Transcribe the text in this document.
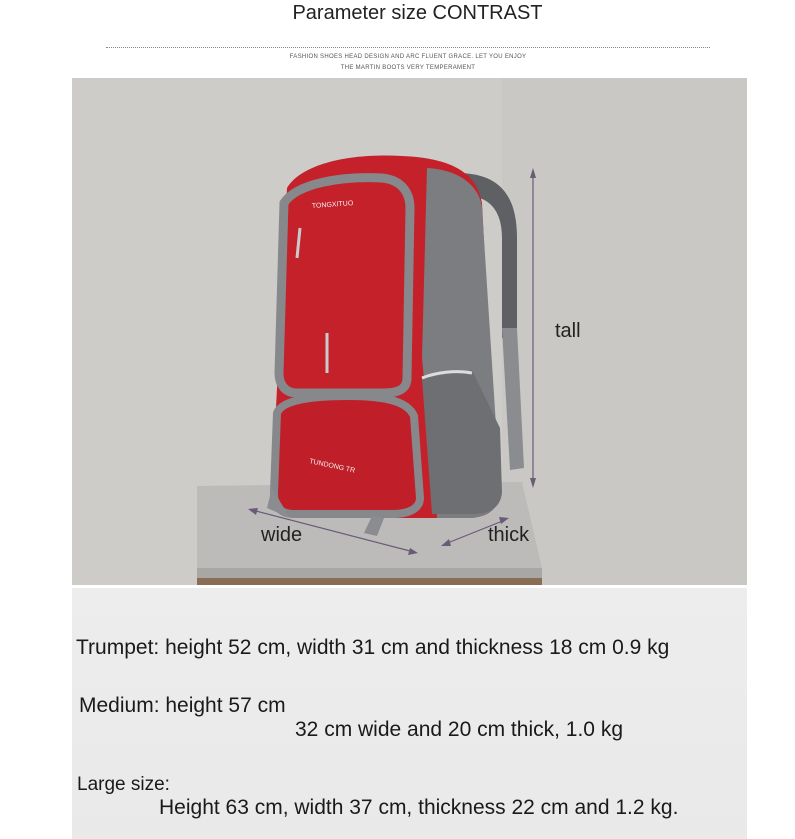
Parameter size CONTRAST
FASHION SHOES HEAD DESIGN AND ARC FLUENT GRACE. LET YOU ENJOY
THE MARTIN BOOTS VERY TEMPERAMENT
TONGXITUO
TUNDONG TR
tall
wide	thick
Trumpet: height 52 cm, width 31 cm and thickness 18 cm 0.9 kg
Medium: height 57 cm
32 cm wide and 20 cm thick, 1.0 kg
Large size:
Height 63 cm, width 37 cm, thickness 22 cm and 1.2 kg.
